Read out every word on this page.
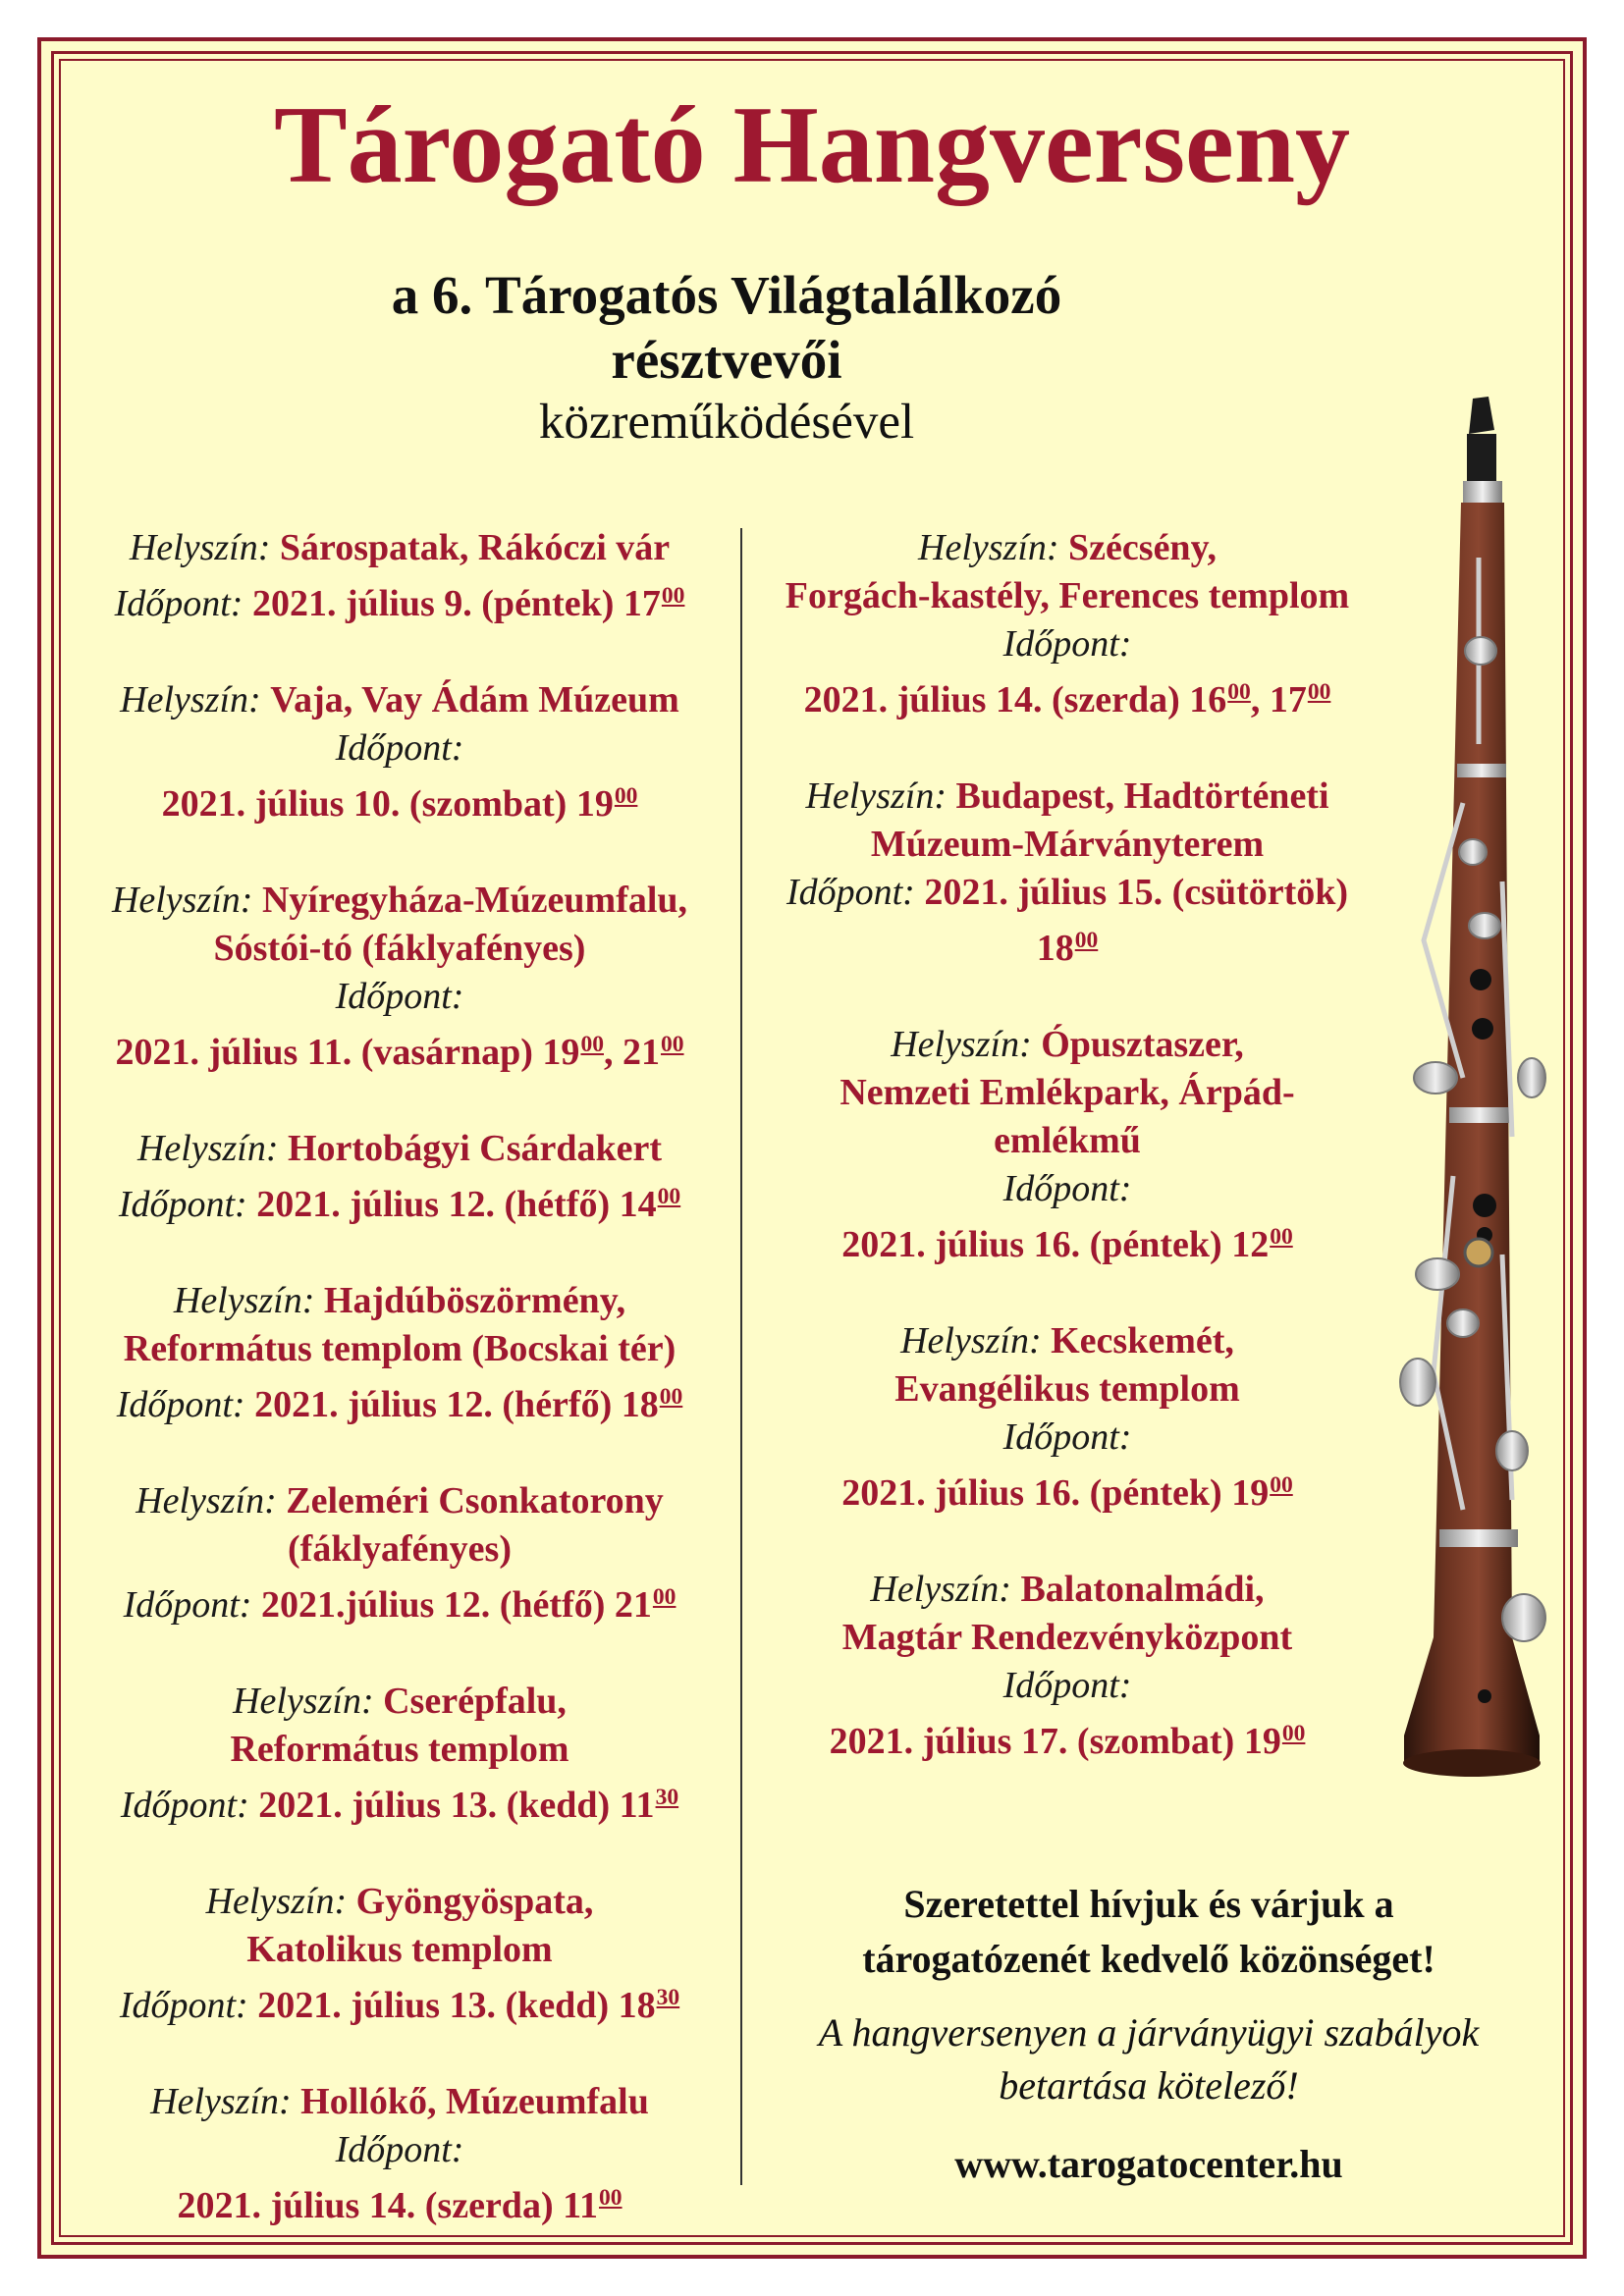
Tárogató Hangverseny
a 6. Tárogatós Világtalálkozó
résztvevői
közreműködésével
Helyszín: Sárospatak, Rákóczi vár
Időpont: 2021. július 9. (péntek) $17^{00}$
Helyszín: Vaja, Vay Ádám Múzeum
Időpont:
2021. július 10. (szombat) $19^{00}$
Helyszín: Nyíregyháza-Múzeumfalu,
Sóstói-tó (fáklyafényes)
Időpont:
2021. július 11. (vasárnap) $19^{00}$, $21^{00}$
Helyszín: Hortobágyi Csárdakert
Időpont: 2021. július 12. (hétfő) $14^{00}$
Helyszín: Hajdúböszörmény,
Református templom (Bocskai tér)
Időpont: 2021. július 12. (hérfő) $18^{00}$
Helyszín: Zeleméri Csonkatorony
(fáklyafényes)
Időpont: 2021.július 12. (hétfő) $21^{00}$
Helyszín: Cserépfalu,
Református templom
Időpont: 2021. július 13. (kedd) $11^{30}$
Helyszín: Gyöngyöspata,
Katolikus templom
Időpont: 2021. július 13. (kedd) $18^{30}$
Helyszín: Hollókő, Múzeumfalu
Időpont:
2021. július 14. (szerda) $11^{00}$
Helyszín: Szécsény,
Forgách-kastély, Ferences templom
Időpont:
2021. július 14. (szerda) $16^{00}$, $17^{00}$
Helyszín: Budapest, Hadtörténeti
Múzeum-Márványterem
Időpont: 2021. július 15. (csütörtök)
$18^{00}$
Helyszín: Ópusztaszer,
Nemzeti Emlékpark, Árpád-
emlékmű
Időpont:
2021. július 16. (péntek) $12^{00}$
Helyszín: Kecskemét,
Evangélikus templom
Időpont:
2021. július 16. (péntek) $19^{00}$
Helyszín: Balatonalmádi,
Magtár Rendezvényközpont
Időpont:
2021. július 17. (szombat) $19^{00}$
Szeretettel hívjuk és várjuk a
tárogatózenét kedvelő közönséget!
A hangversenyen a járványügyi szabályok
betartása kötelező!
www.tarogatocenter.hu
